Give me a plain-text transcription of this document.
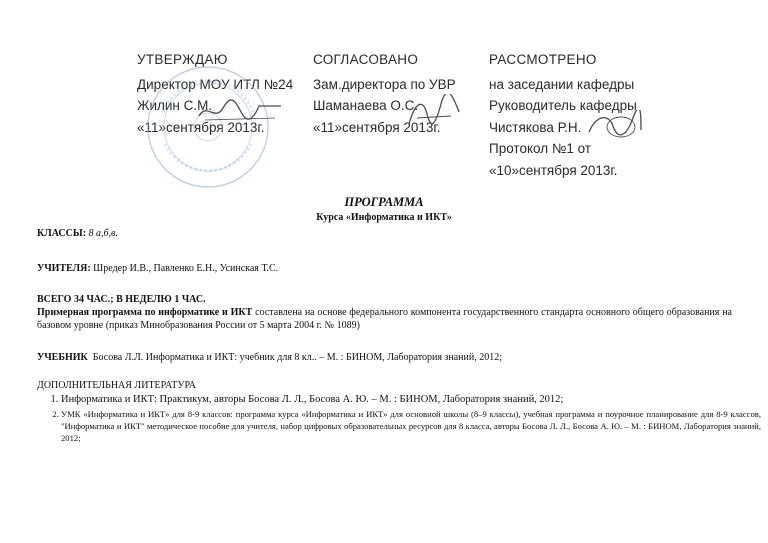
УТВЕРЖДАЮ
Директор МОУ ИТЛ №24
Жилин С.М.
«11»сентября 2013г.
СОГЛАСОВАНО
Зам.директора по УВР
Шаманаева О.С.
«11»сентября 2013г.
РАССМОТРЕНО
на заседании кафедры
Руководитель кафедры
Чистякова Р.Н.
Протокол №1 от
«10»сентября 2013г.
ПРОГРАММА
Курса «Информатика и ИКТ»
КЛАССЫ: 8 а,б,в.
УЧИТЕЛЯ: Шредер И.В., Павленко Е.Н., Усинская Т.С.
ВСЕГО 34 ЧАС.; В НЕДЕЛЮ 1 ЧАС.
Примерная программа по информатике и ИКТ составлена на основе федерального компонента государственного стандарта основного общего образования на базовом уровне (приказ Минобразования России от 5 марта 2004 г. № 1089)
УЧЕБНИК Босова Л.Л. Информатика и ИКТ: учебник для 8 кл.. – М. : БИНОМ, Лаборатория знаний, 2012;
ДОПОЛНИТЕЛЬНАЯ ЛИТЕРАТУРА
1. Информатика и ИКТ: Практикум, авторы Босова Л. Л., Босова А. Ю. – М. : БИНОМ, Лаборатория знаний, 2012;
2. УМК «Информатика и ИКТ» для 8-9 классов: программа курса «Информатика и ИКТ» для основной школы (8–9 классы), учебная программа и поурочное планирование для 8-9 классов, "Информатика и ИКТ" методическое пособие для учителя, набор цифровых образовательных ресурсов для 8 класса, авторы Босова Л. Л., Босова А. Ю. – М. : БИНОМ, Лаборатория знаний, 2012;
